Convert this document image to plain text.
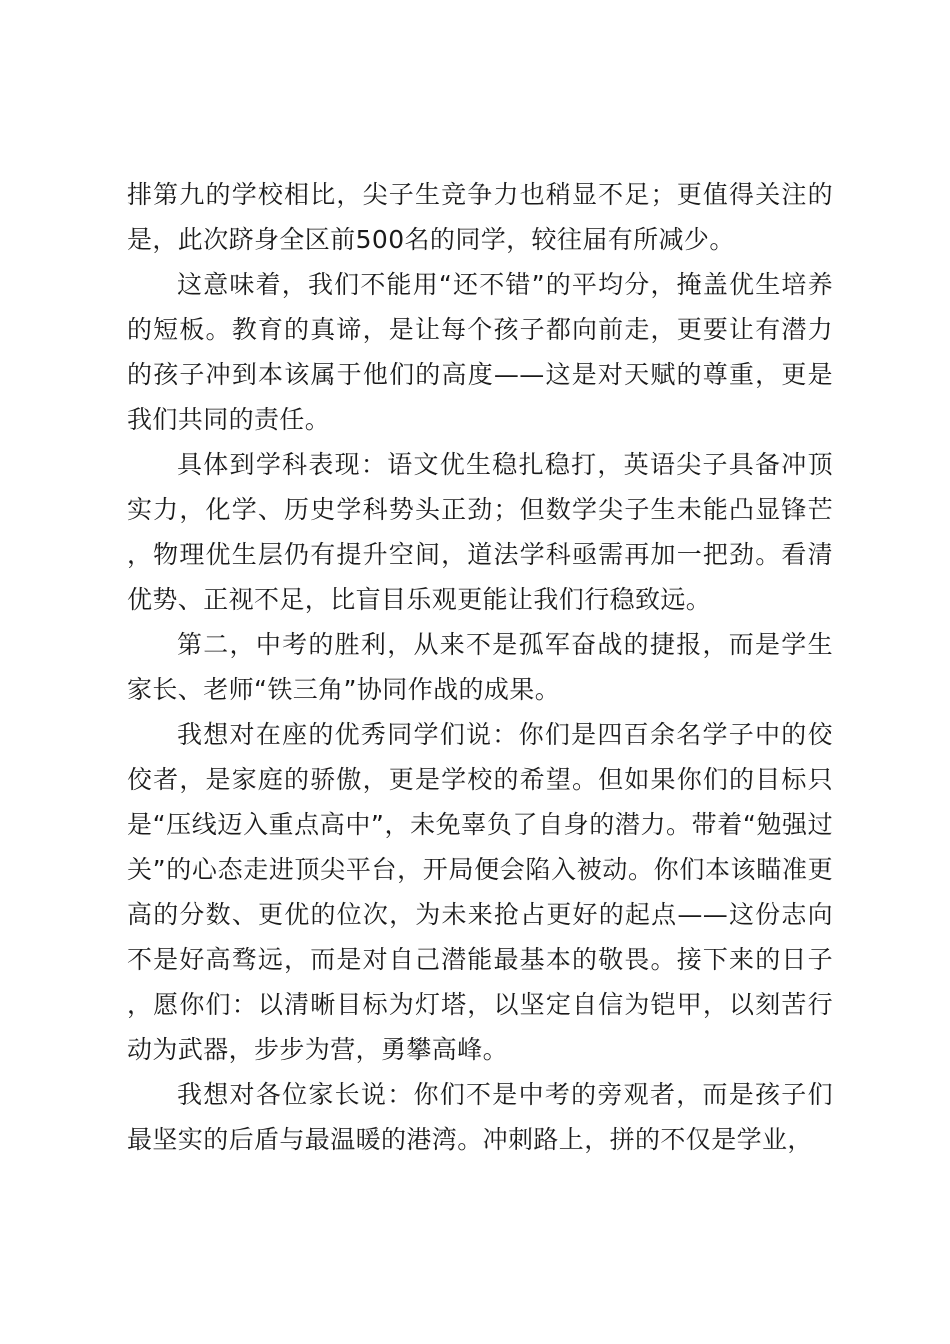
排第九的学校相比，尖子生竞争力也稍显不足；更值得关注的是，此次跻身全区前500名的同学，较往届有所减少。

这意味着，我们不能用“还不错”的平均分，掩盖优生培养的短板。教育的真谛，是让每个孩子都向前走，更要让有潜力的孩子冲到本该属于他们的高度——这是对天赋的尊重，更是我们共同的责任。

具体到学科表现：语文优生稳扎稳打，英语尖子具备冲顶实力，化学、历史学科势头正劲；但数学尖子生未能凸显锋芒，物理优生层仍有提升空间，道法学科亟需再加一把劲。看清优势、正视不足，比盲目乐观更能让我们行稳致远。

第二，中考的胜利，从来不是孤军奋战的捷报，而是学生家长、老师“铁三角”协同作战的成果。

我想对在座的优秀同学们说：你们是四百余名学子中的佼佼者，是家庭的骄傲，更是学校的希望。但如果你们的目标只是“压线迈入重点高中”，未免辜负了自身的潜力。带着“勉强过关”的心态走进顶尖平台，开局便会陷入被动。你们本该瞄准更高的分数、更优的位次，为未来抢占更好的起点——这份志向不是好高骛远，而是对自己潜能最基本的敬畏。接下来的日子，愿你们：以清晰目标为灯塔，以坚定自信为铠甲，以刻苦行动为武器，步步为营，勇攀高峰。

我想对各位家长说：你们不是中考的旁观者，而是孩子们最坚实的后盾与最温暖的港湾。冲刺路上，拼的不仅是学业，
